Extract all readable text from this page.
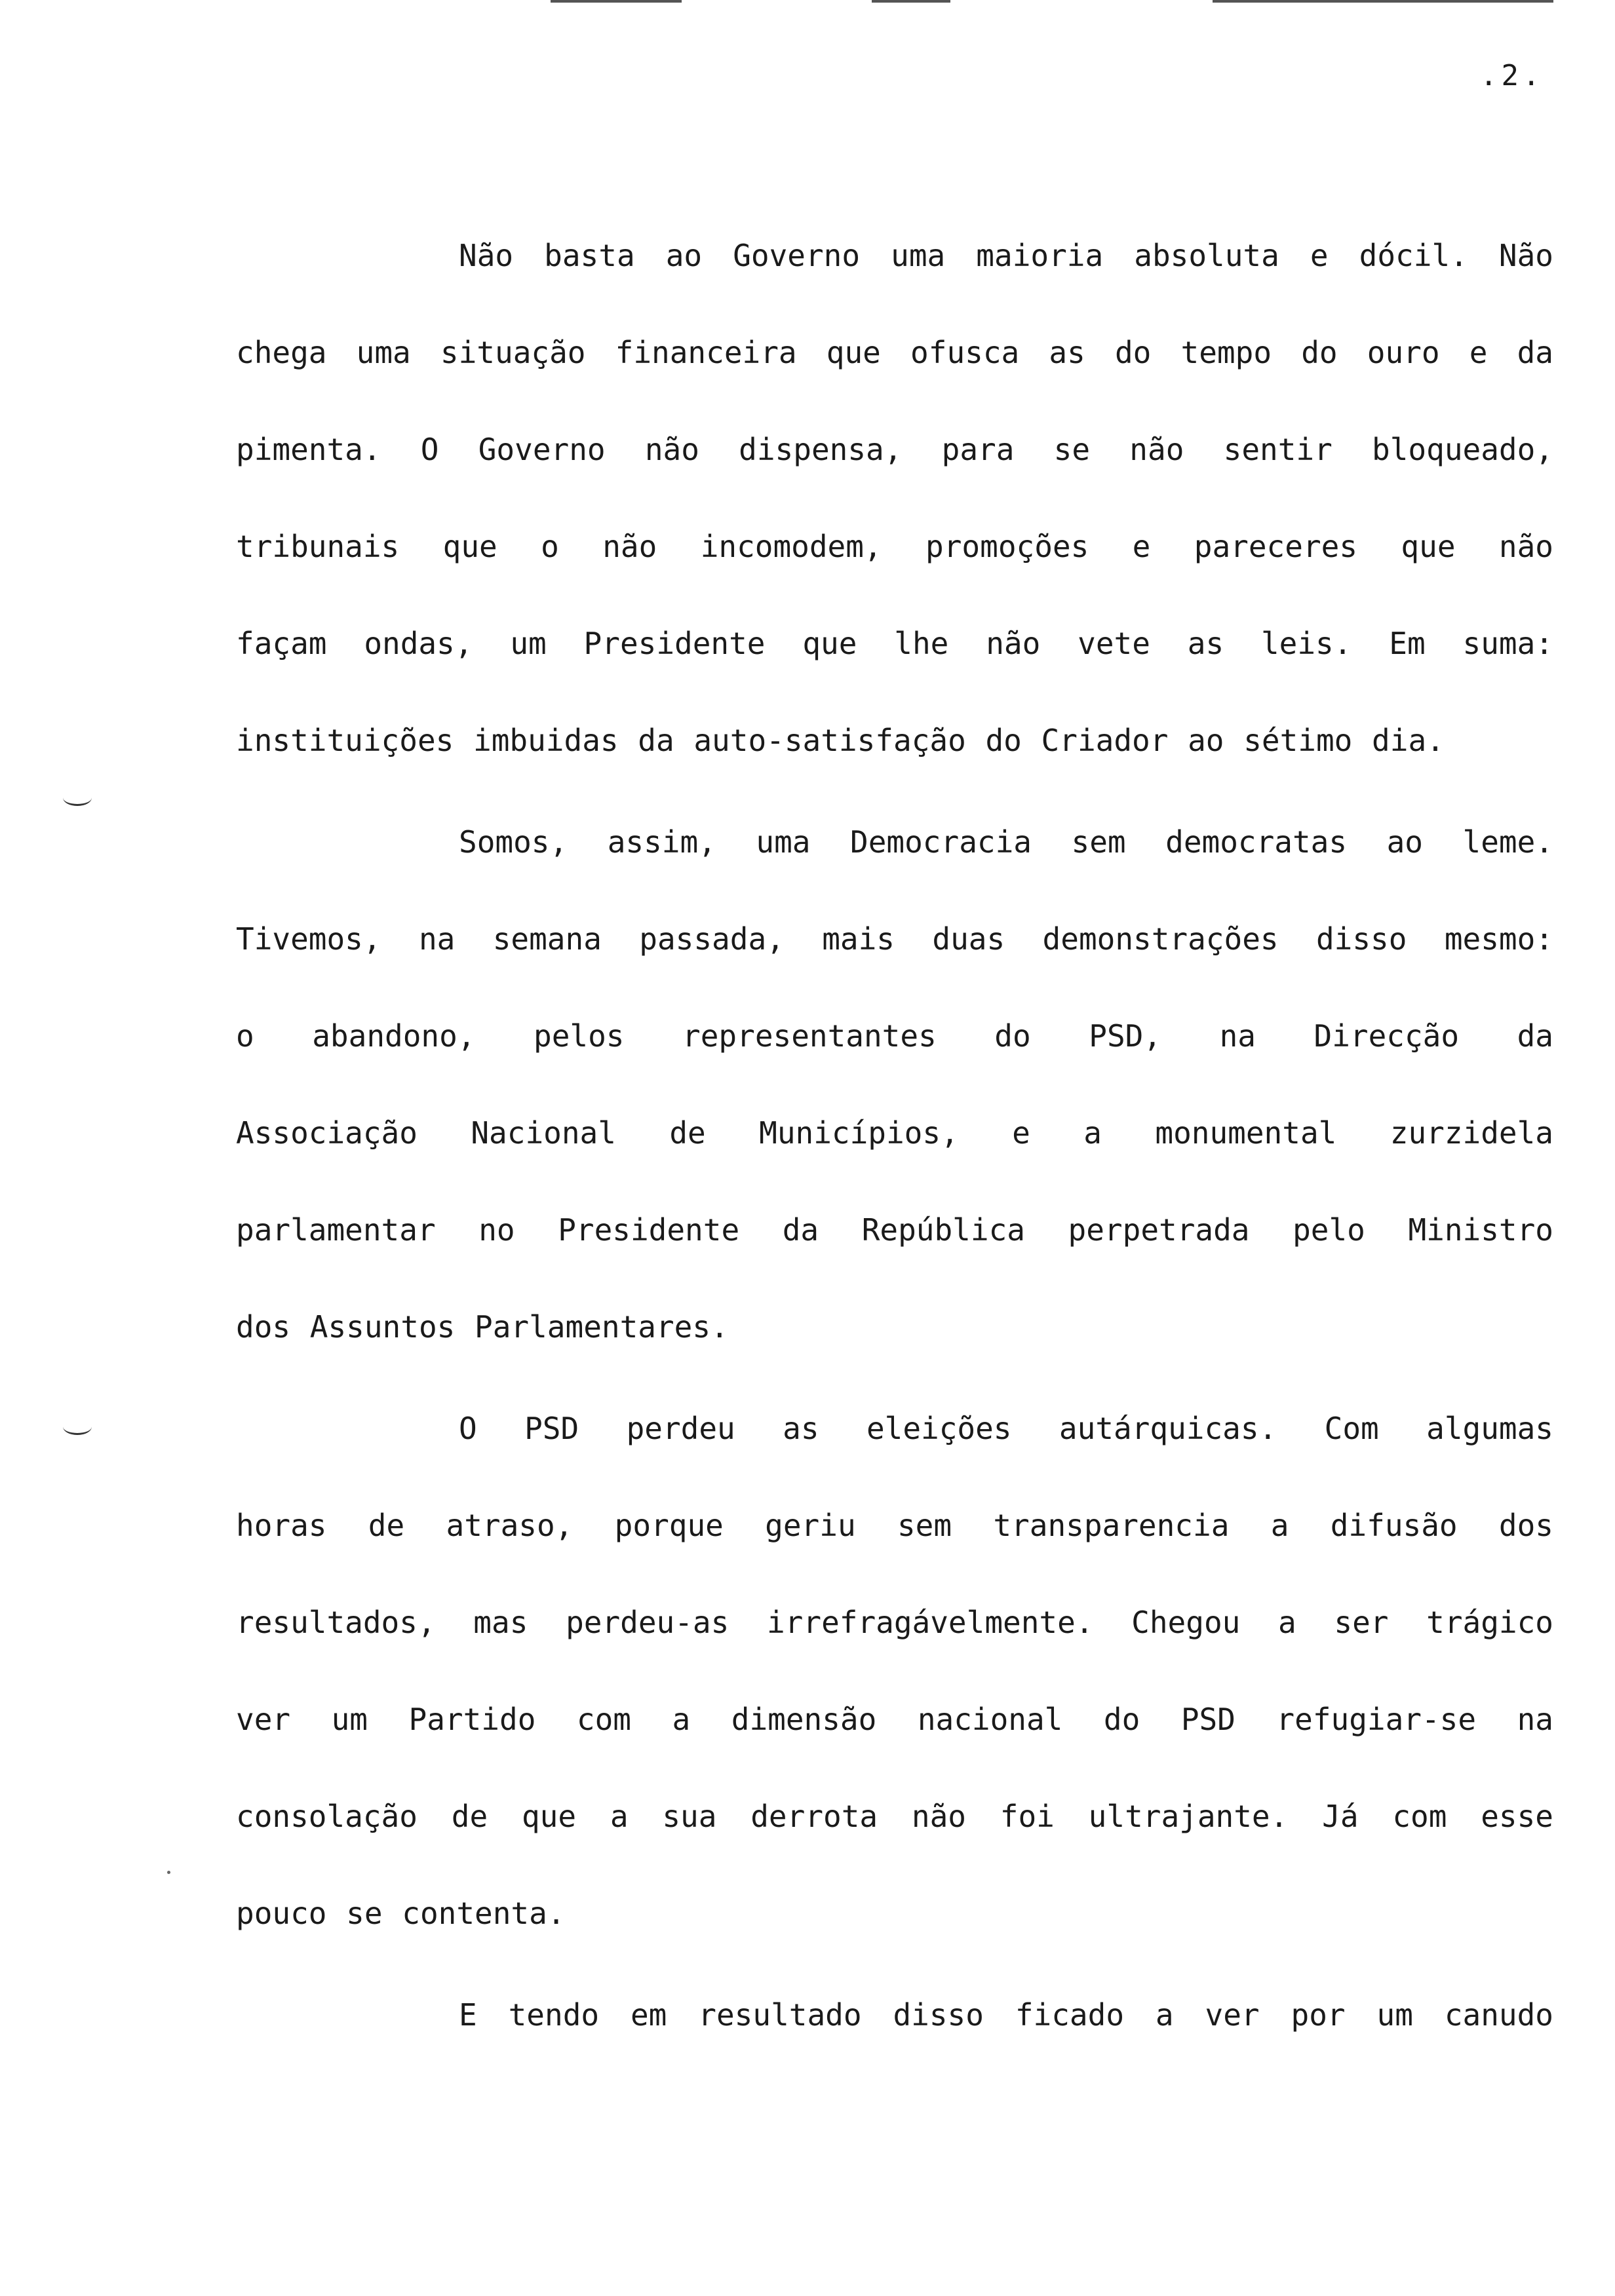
.2.
Não basta ao Governo uma maioria absoluta e dócil. Não
chega uma situação financeira que ofusca as do tempo do ouro e da
pimenta. O Governo não dispensa, para se não sentir bloqueado,
tribunais que o não incomodem, promoções e pareceres que não
façam ondas, um Presidente que lhe não vete as leis. Em suma:
instituições imbuidas da auto-satisfação do Criador ao sétimo dia.
Somos, assim, uma Democracia sem democratas ao leme.
Tivemos, na semana passada, mais duas demonstrações disso mesmo:
o abandono, pelos representantes do PSD, na Direcção da
Associação Nacional de Municípios, e a monumental zurzidela
parlamentar no Presidente da República perpetrada pelo Ministro
dos Assuntos Parlamentares.
O PSD perdeu as eleições autárquicas. Com algumas
horas de atraso, porque geriu sem transparencia a difusão dos
resultados, mas perdeu-as irrefragávelmente. Chegou a ser trágico
ver um Partido com a dimensão nacional do PSD refugiar-se na
consolação de que a sua derrota não foi ultrajante. Já com esse
pouco se contenta.
E tendo em resultado disso ficado a ver por um canudo
